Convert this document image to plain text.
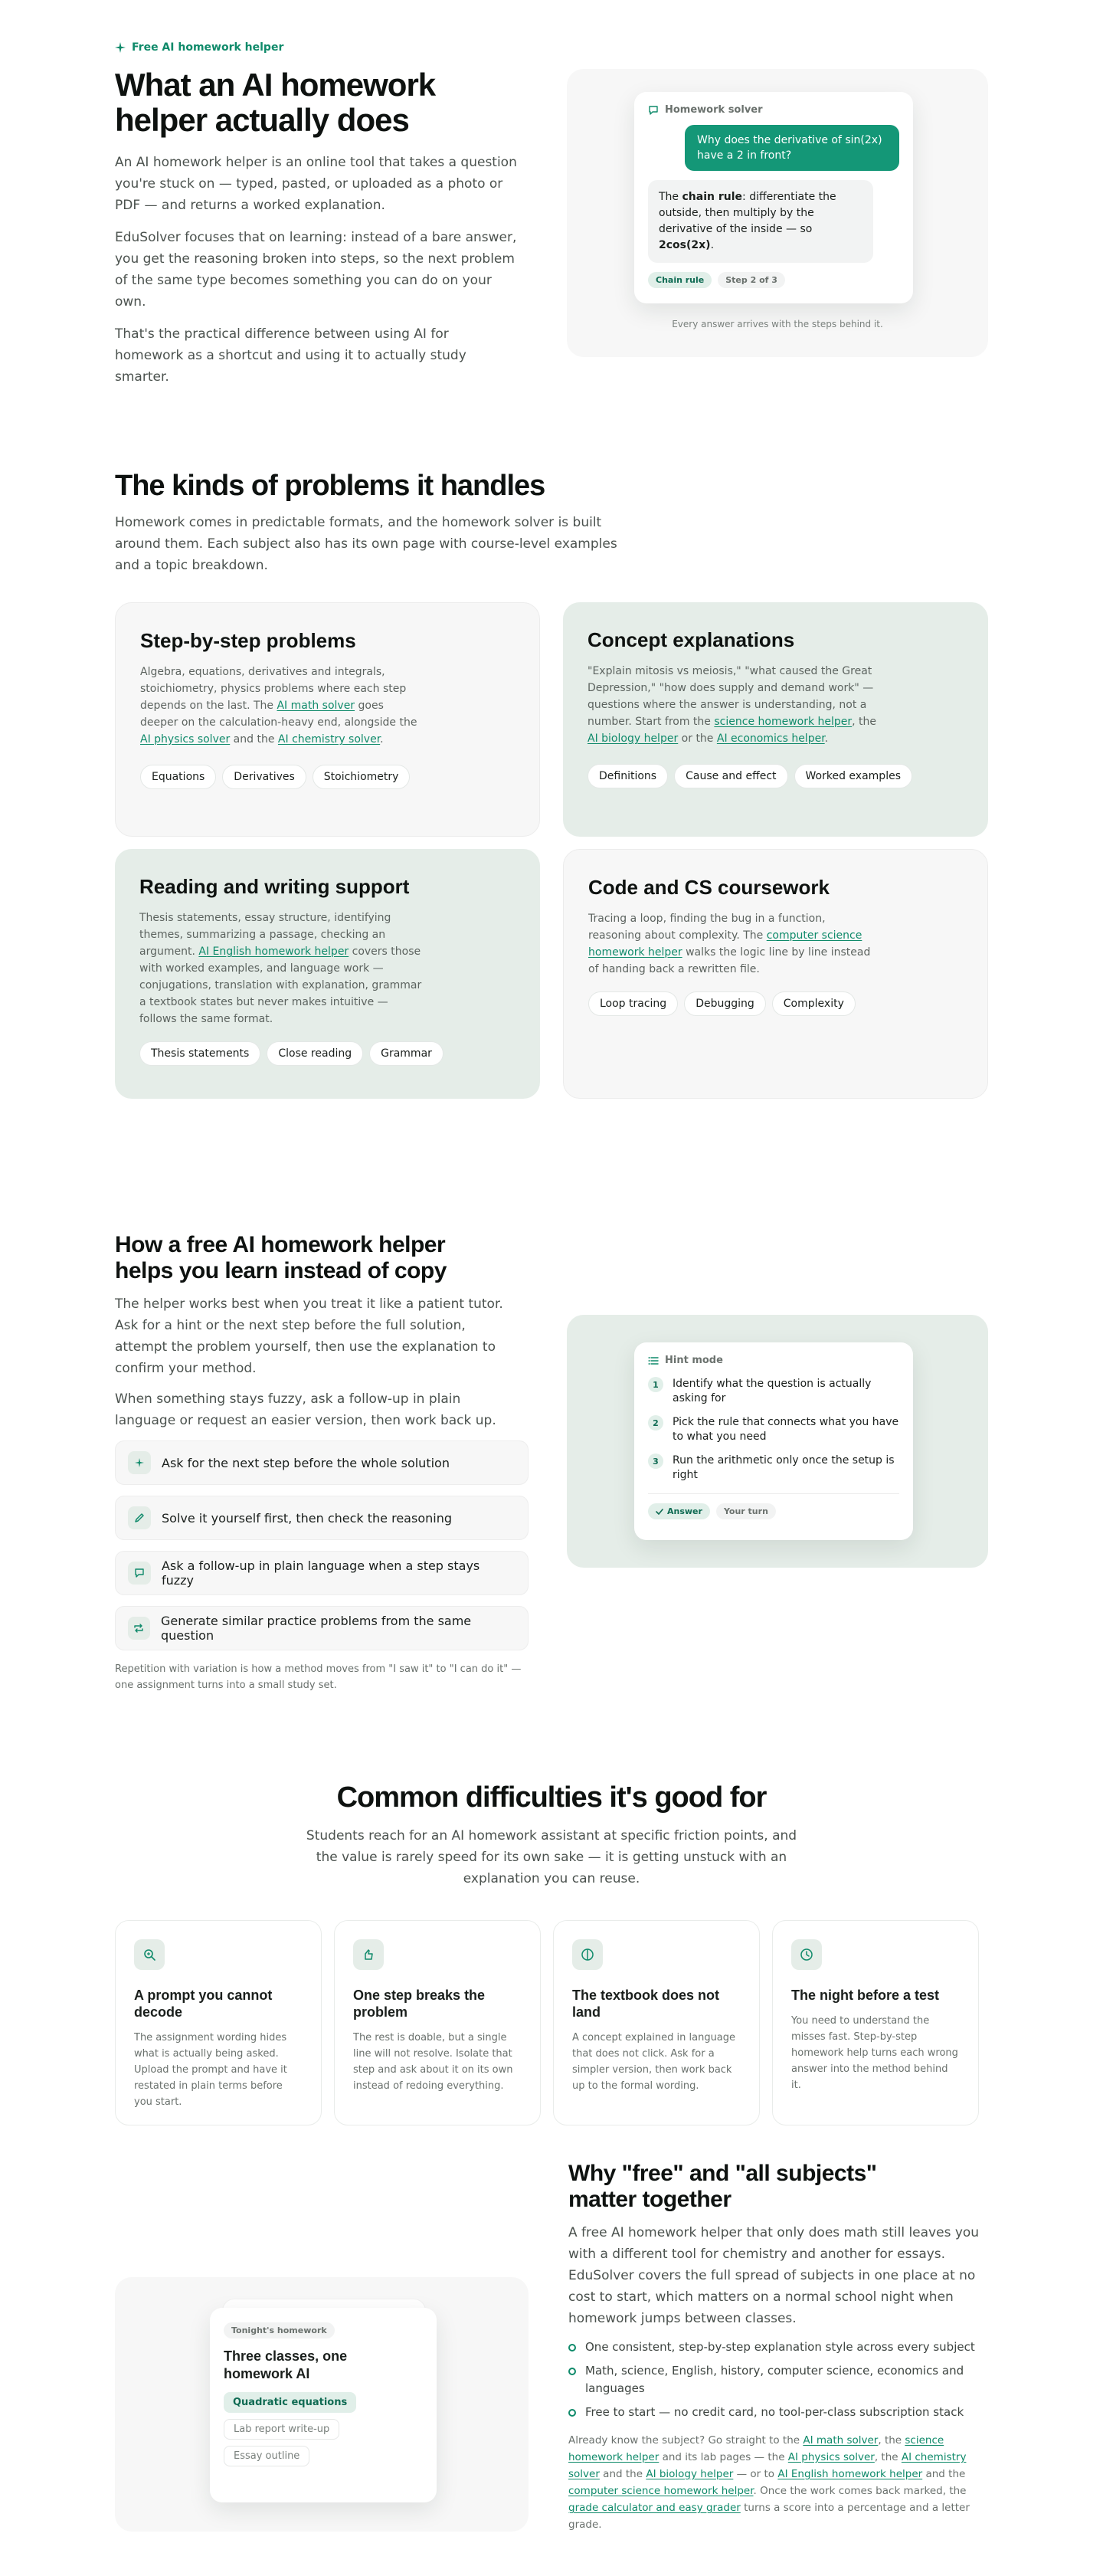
Free AI homework helper
What an AI homework
helper actually does

An AI homework helper is an online tool that takes a question you're stuck on — typed, pasted, or uploaded as a photo or PDF — and returns a worked explanation.

EduSolver focuses that on learning: instead of a bare answer, you get the reasoning broken into steps, so the next problem of the same type becomes something you can do on your own.

That's the practical difference between using AI for homework as a shortcut and using it to actually study smarter.

Homework solver
Why does the derivative of sin(2x) have a 2 in front?
The chain rule: differentiate the outside, then multiply by the derivative of the inside — so 2cos(2x).
Chain rule	Step 2 of 3
Every answer arrives with the steps behind it.
The kinds of problems it handles

Homework comes in predictable formats, and the homework solver is built around them. Each subject also has its own page with course-level examples and a topic breakdown.

Step-by-step problems

Algebra, equations, derivatives and integrals, stoichiometry, physics problems where each step depends on the last. The AI math solver goes deeper on the calculation-heavy end, alongside the AI physics solver and the AI chemistry solver.

Equations	Derivatives	Stoichiometry
Concept explanations

"Explain mitosis vs meiosis," "what caused the Great Depression," "how does supply and demand work" — questions where the answer is understanding, not a number. Start from the science homework helper, the AI biology helper or the AI economics helper.

Definitions	Cause and effect	Worked examples
Reading and writing support

Thesis statements, essay structure, identifying themes, summarizing a passage, checking an argument. AI English homework helper covers those with worked examples, and language work — conjugations, translation with explanation, grammar a textbook states but never makes intuitive — follows the same format.

Thesis statements	Close reading	Grammar
Code and CS coursework

Tracing a loop, finding the bug in a function, reasoning about complexity. The computer science homework helper walks the logic line by line instead of handing back a rewritten file.

Loop tracing	Debugging	Complexity
How a free AI homework helper
helps you learn instead of copy

The helper works best when you treat it like a patient tutor. Ask for a hint or the next step before the full solution, attempt the problem yourself, then use the explanation to confirm your method.

When something stays fuzzy, ask a follow-up in plain language or request an easier version, then work back up.

Ask for the next step before the whole solution
Solve it yourself first, then check the reasoning
Ask a follow-up in plain language when a step stays fuzzy
Generate similar practice problems from the same question

Repetition with variation is how a method moves from "I saw it" to "I can do it" — one assignment turns into a small study set.

Hint mode
1	Identify what the question is actually asking for
2	Pick the rule that connects what you have to what you need
3	Run the arithmetic only once the setup is right
Answer	Your turn
Common difficulties it's good for

Students reach for an AI homework assistant at specific friction points, and the value is rarely speed for its own sake — it is getting unstuck with an explanation you can reuse.

A prompt you cannot decode

The assignment wording hides what is actually being asked. Upload the prompt and have it restated in plain terms before you start.

One step breaks the problem

The rest is doable, but a single line will not resolve. Isolate that step and ask about it on its own instead of redoing everything.

The textbook does not land

A concept explained in language that does not click. Ask for a simpler version, then work back up to the formal wording.

The night before a test

You need to understand the misses fast. Step-by-step homework help turns each wrong answer into the method behind it.

Tonight's homework
Three classes, one homework AI
Quadratic equations
Lab report write-up
Essay outline
Why "free" and "all subjects"
matter together

A free AI homework helper that only does math still leaves you with a different tool for chemistry and another for essays. EduSolver covers the full spread of subjects in one place at no cost to start, which matters on a normal school night when homework jumps between classes.

One consistent, step-by-step explanation style across every subject
Math, science, English, history, computer science, economics and languages
Free to start — no credit card, no tool-per-class subscription stack

Already know the subject? Go straight to the AI math solver, the science homework helper and its lab pages — the AI physics solver, the AI chemistry solver and the AI biology helper — or to AI English homework helper and the computer science homework helper. Once the work comes back marked, the grade calculator and easy grader turns a score into a percentage and a letter grade.
